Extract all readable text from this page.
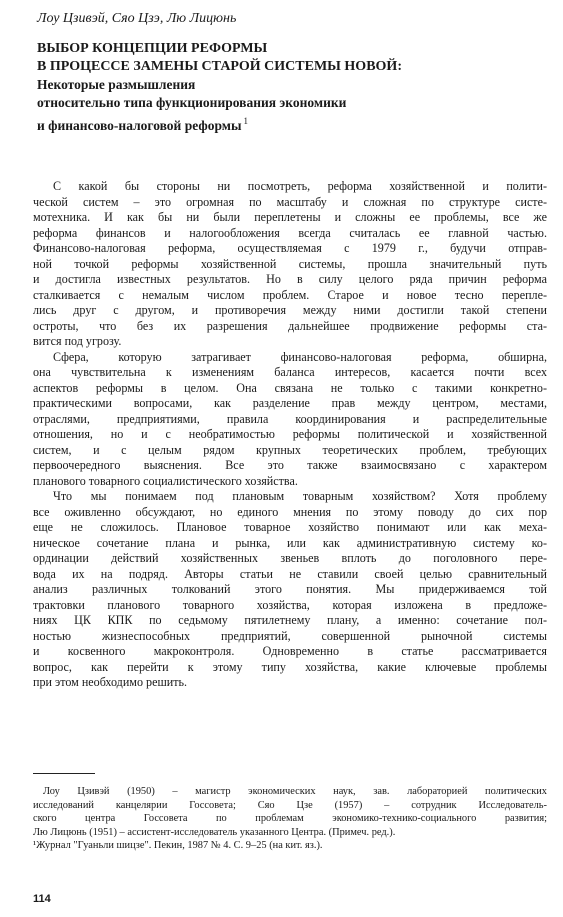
Лоу Цзивэй, Сяо Цзэ, Лю Лицюнь
ВЫБОР КОНЦЕПЦИИ РЕФОРМЫ
В ПРОЦЕССЕ ЗАМЕНЫ СТАРОЙ СИСТЕМЫ НОВОЙ:
Некоторые размышления
относительно типа функционирования экономики
и финансово-налоговой реформы $^1$
С какой бы стороны ни посмотреть, реформа хозяйственной и полити-
ческой систем – это огромная по масштабу и сложная по структуре систе-
мотехника. И как бы ни были переплетены и сложны ее проблемы, все же
реформа финансов и налогообложения всегда считалась ее главной частью.
Финансово-налоговая реформа, осуществляемая с 1979 г., будучи отправ-
ной точкой реформы хозяйственной системы, прошла значительный путь
и достигла известных результатов. Но в силу целого ряда причин реформа
сталкивается с немалым числом проблем. Старое и новое тесно перепле-
лись друг с другом, и противоречия между ними достигли такой степени
остроты, что без их разрешения дальнейшее продвижение реформы ста-
вится под угрозу.
Сфера, которую затрагивает финансово-налоговая реформа, обширна,
она чувствительна к изменениям баланса интересов, касается почти всех
аспектов реформы в целом. Она связана не только с такими конкретно-
практическими вопросами, как разделение прав между центром, местами,
отраслями, предприятиями, правила координирования и распределительные
отношения, но и с необратимостью реформы политической и хозяйственной
систем, и с целым рядом крупных теоретических проблем, требующих
первоочередного выяснения. Все это также взаимосвязано с характером
планового товарного социалистического хозяйства.
Что мы понимаем под плановым товарным хозяйством? Хотя проблему
все оживленно обсуждают, но единого мнения по этому поводу до сих пор
еще не сложилось. Плановое товарное хозяйство понимают или как меха-
ническое сочетание плана и рынка, или как административную систему ко-
ординации действий хозяйственных звеньев вплоть до поголовного пере-
вода их на подряд. Авторы статьи не ставили своей целью сравнительный
анализ различных толкований этого понятия. Мы придерживаемся той
трактовки планового товарного хозяйства, которая изложена в предложе-
ниях ЦК КПК по седьмому пятилетнему плану, а именно: сочетание пол-
ностью жизнеспособных предприятий, совершенной рыночной системы
и косвенного макроконтроля. Одновременно в статье рассматривается
вопрос, как перейти к этому типу хозяйства, какие ключевые проблемы
при этом необходимо решить.
Лоу Цзивэй (1950) – магистр экономических наук, зав. лабораторией политических
исследований канцелярии Госсовета; Сяо Цзе (1957) – сотрудник Исследователь-
ского центра Госсовета по проблемам экономико-технико-социального развития;
Лю Лицюнь (1951) – ассистент-исследователь указанного Центра. (Примеч. ред.).
¹Журнал "Гуаньли шицзе". Пекин, 1987 № 4. С. 9–25 (на кит. яз.).
114
